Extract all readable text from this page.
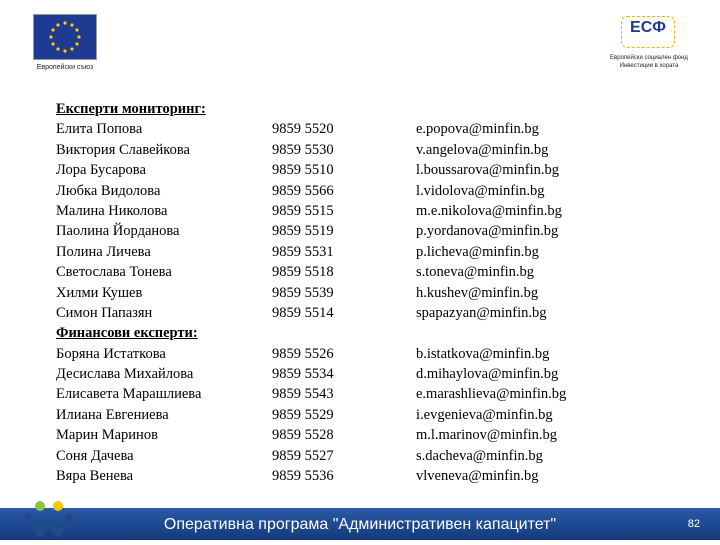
Европейски съюз
ЕСФ
Европейски социален фонд Инвестиции в хората
Експерти мониторинг:
Елита Попова	9859 5520	e.popova@minfin.bg
Виктория Славейкова	9859 5530	v.angelova@minfin.bg
Лора Бусарова	9859 5510	l.boussarova@minfin.bg
Любка Видолова	9859 5566	l.vidolova@minfin.bg
Малина Николова	9859 5515	m.e.nikolova@minfin.bg
Паолина Йорданова	9859 5519	p.yordanova@minfin.bg
Полина Личева	9859 5531	p.licheva@minfin.bg
Светослава Тонева	9859 5518	s.toneva@minfin.bg
Хилми Кушев	9859 5539	h.kushev@minfin.bg
Симон Папазян	9859 5514	spapazyan@minfin.bg
Финансови експерти:
Боряна Истаткова	9859 5526	b.istatkova@minfin.bg
Десислава Михайлова	9859 5534	d.mihaylova@minfin.bg
Елисавета Марашлиева	9859 5543	e.marashlieva@minfin.bg
Илиана Евгениева	9859 5529	i.evgenieva@minfin.bg
Марин Маринов	9859 5528	m.l.marinov@minfin.bg
Соня Дачева	9859 5527	s.dacheva@minfin.bg
Вяра Венева	9859 5536	vlveneva@minfin.bg
Оперативна програма "Административен капацитет"	82
